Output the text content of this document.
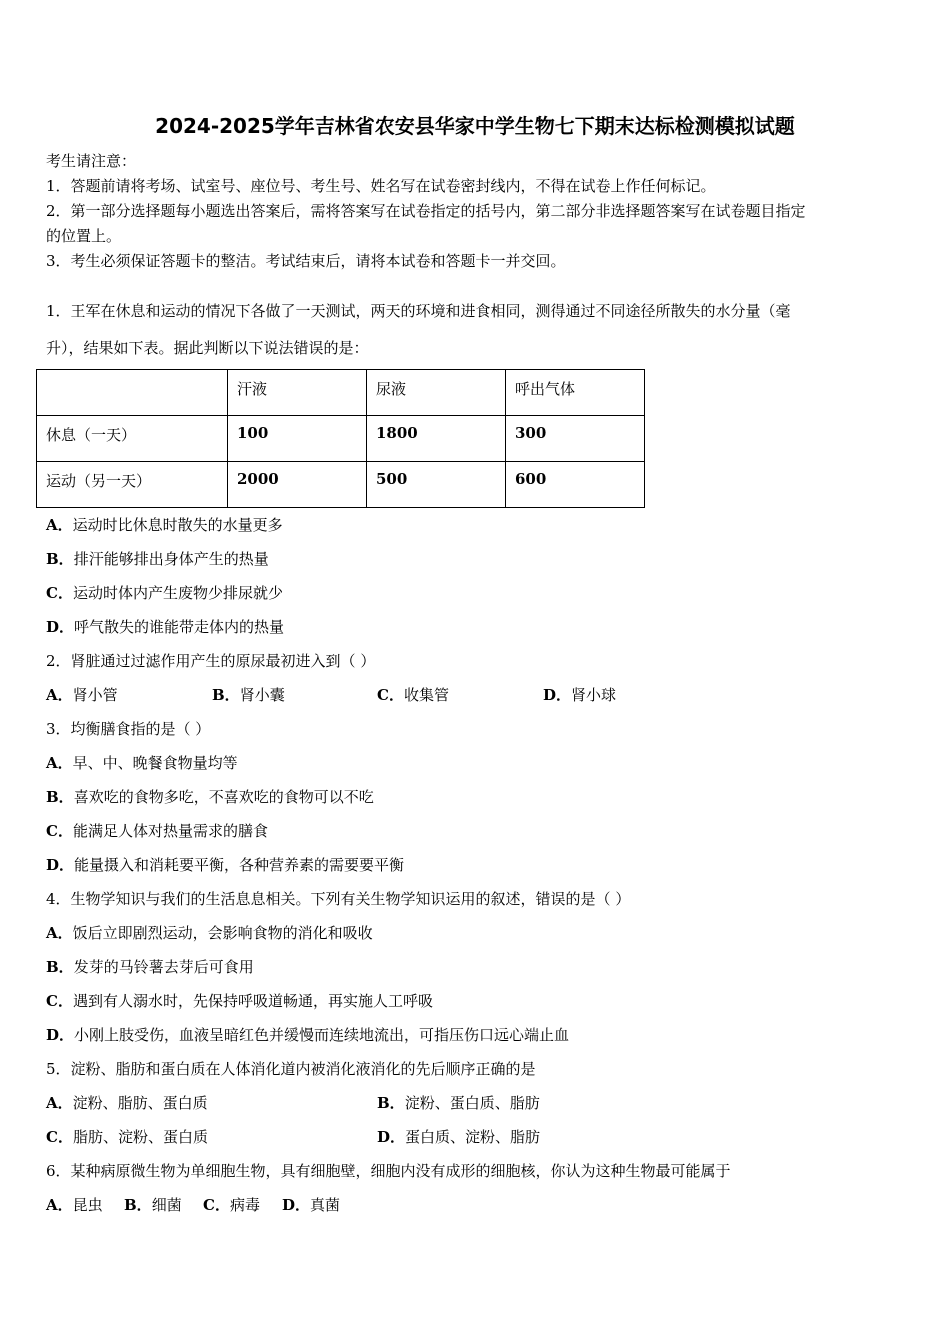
2024-2025学年吉林省农安县华家中学生物七下期末达标检测模拟试题
考生请注意：
1．答题前请将考场、试室号、座位号、考生号、姓名写在试卷密封线内，不得在试卷上作任何标记。
2．第一部分选择题每小题选出答案后，需将答案写在试卷指定的括号内，第二部分非选择题答案写在试卷题目指定
的位置上。
3．考生必须保证答题卡的整洁。考试结束后，请将本试卷和答题卡一并交回。
1．王军在休息和运动的情况下各做了一天测试，两天的环境和进食相同，测得通过不同途径所散失的水分量（毫
升），结果如下表。据此判断以下说法错误的是：
	汗液	尿液	呼出气体
休息（一天）	100	1800	300
运动（另一天）	2000	500	600
A．运动时比休息时散失的水量更多
B．排汗能够排出身体产生的热量
C．运动时体内产生废物少排尿就少
D．呼气散失的谁能带走体内的热量
2．肾脏通过过滤作用产生的原尿最初进入到（ ）
A．肾小管	B．肾小囊	C．收集管	D．肾小球
3．均衡膳食指的是（ ）
A．早、中、晚餐食物量均等
B．喜欢吃的食物多吃，不喜欢吃的食物可以不吃
C．能满足人体对热量需求的膳食
D．能量摄入和消耗要平衡，各种营养素的需要要平衡
4．生物学知识与我们的生活息息相关。下列有关生物学知识运用的叙述，错误的是（ ）
A．饭后立即剧烈运动，会影响食物的消化和吸收
B．发芽的马铃薯去芽后可食用
C．遇到有人溺水时，先保持呼吸道畅通，再实施人工呼吸
D．小刚上肢受伤，血液呈暗红色并缓慢而连续地流出，可指压伤口远心端止血
5．淀粉、脂肪和蛋白质在人体消化道内被消化液消化的先后顺序正确的是
A．淀粉、脂肪、蛋白质	B．淀粉、蛋白质、脂肪
C．脂肪、淀粉、蛋白质	D．蛋白质、淀粉、脂肪
6．某种病原微生物为单细胞生物，具有细胞壁，细胞内没有成形的细胞核，你认为这种生物最可能属于
A．昆虫 B．细菌 C．病毒 D．真菌
